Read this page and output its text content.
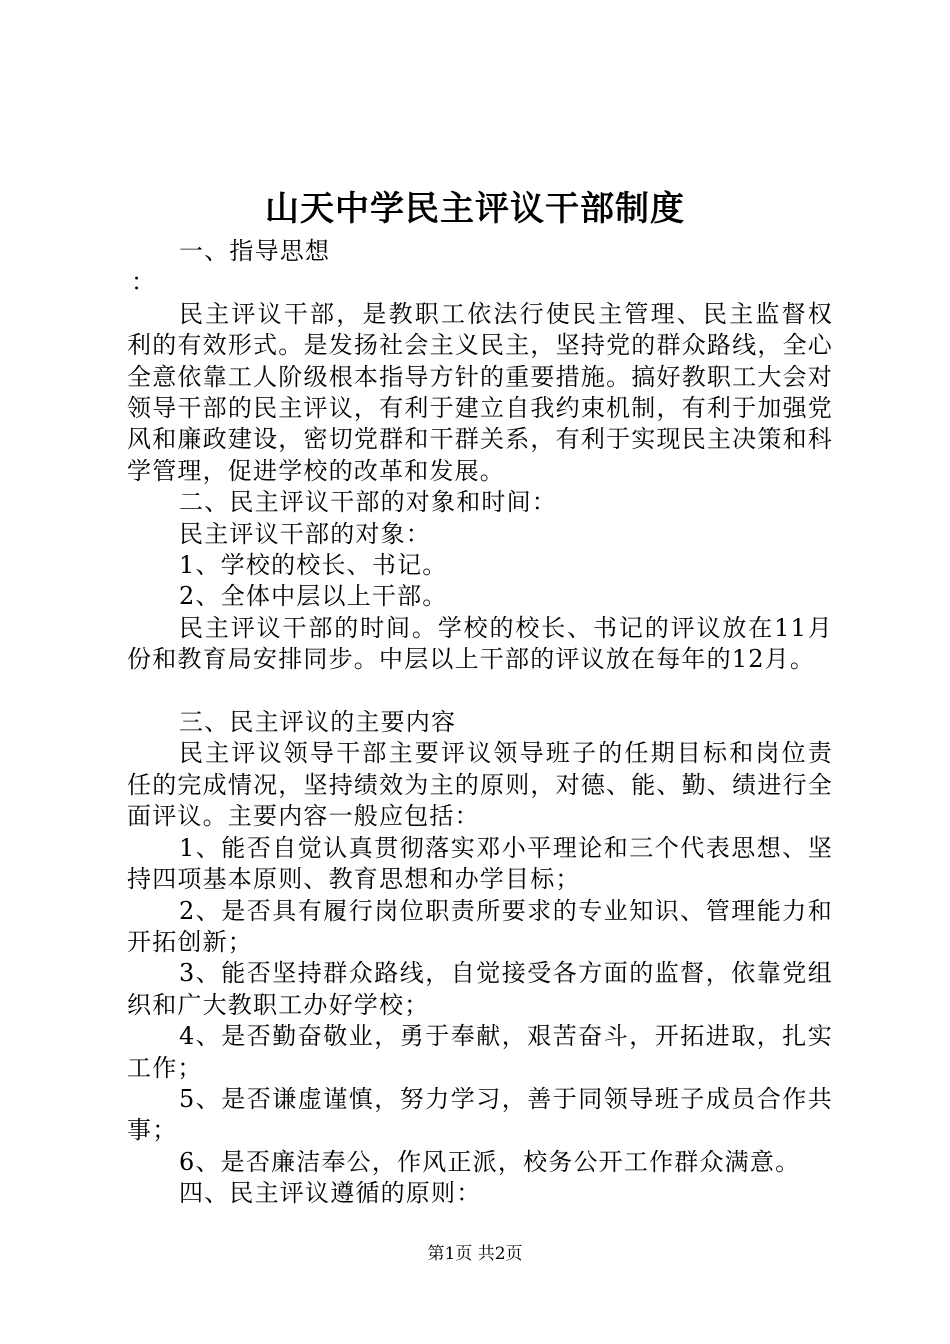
山天中学民主评议干部制度

一、指导思想

：

民主评议干部，是教职工依法行使民主管理、民主监督权利的有效形式。是发扬社会主义民主，坚持党的群众路线，全心全意依靠工人阶级根本指导方针的重要措施。搞好教职工大会对领导干部的民主评议，有利于建立自我约束机制，有利于加强党风和廉政建设，密切党群和干群关系，有利于实现民主决策和科学管理，促进学校的改革和发展。

二、民主评议干部的对象和时间：

民主评议干部的对象：

1、学校的校长、书记。

2、全体中层以上干部。

民主评议干部的时间。学校的校长、书记的评议放在11月份和教育局安排同步。中层以上干部的评议放在每年的12月。

三、民主评议的主要内容

民主评议领导干部主要评议领导班子的任期目标和岗位责任的完成情况，坚持绩效为主的原则，对德、能、勤、绩进行全面评议。主要内容一般应包括：

1、能否自觉认真贯彻落实邓小平理论和三个代表思想、坚持四项基本原则、教育思想和办学目标；

2、是否具有履行岗位职责所要求的专业知识、管理能力和开拓创新；

3、能否坚持群众路线，自觉接受各方面的监督，依靠党组织和广大教职工办好学校；

4、是否勤奋敬业，勇于奉献，艰苦奋斗，开拓进取，扎实工作；

5、是否谦虚谨慎，努力学习，善于同领导班子成员合作共事；

6、是否廉洁奉公，作风正派，校务公开工作群众满意。

四、民主评议遵循的原则：

第1页 共2页
